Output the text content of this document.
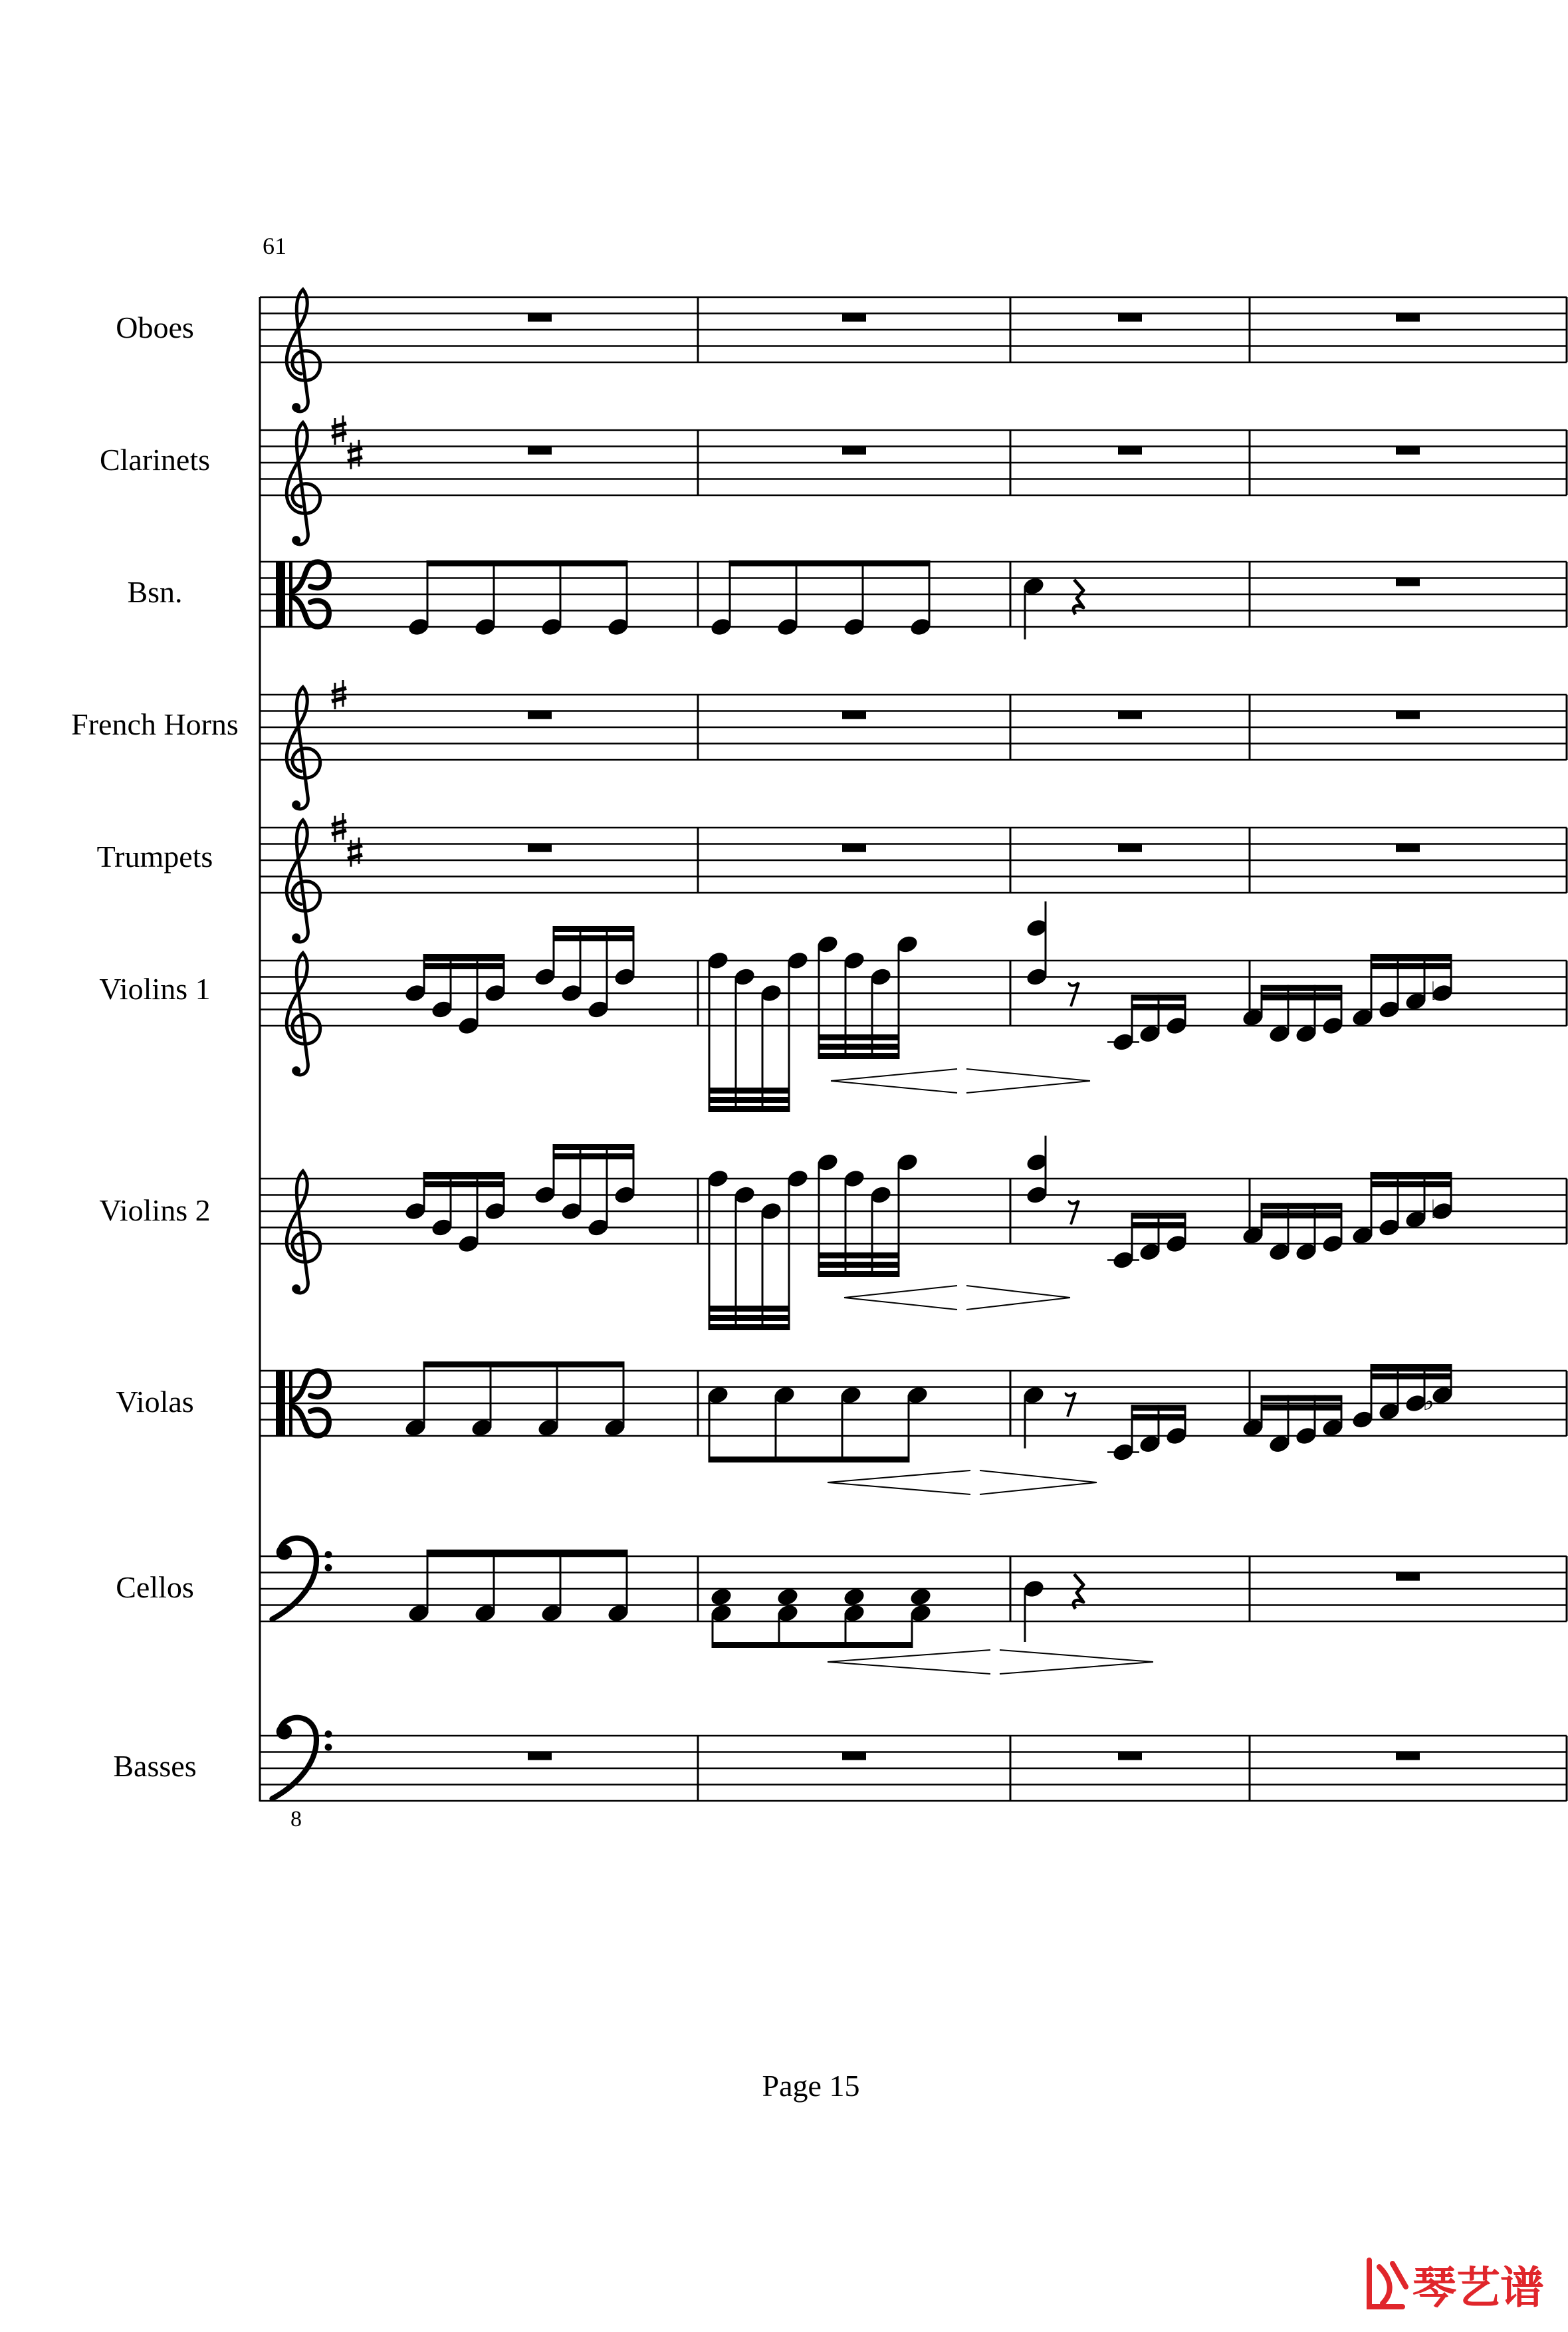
61
Oboes
Clarinets
Bsn.
French Horns
Trumpets
Violins 1
Violins 2
Violas
Cellos
Basses
8
♭
♭
♭
Page 15
琴艺谱
